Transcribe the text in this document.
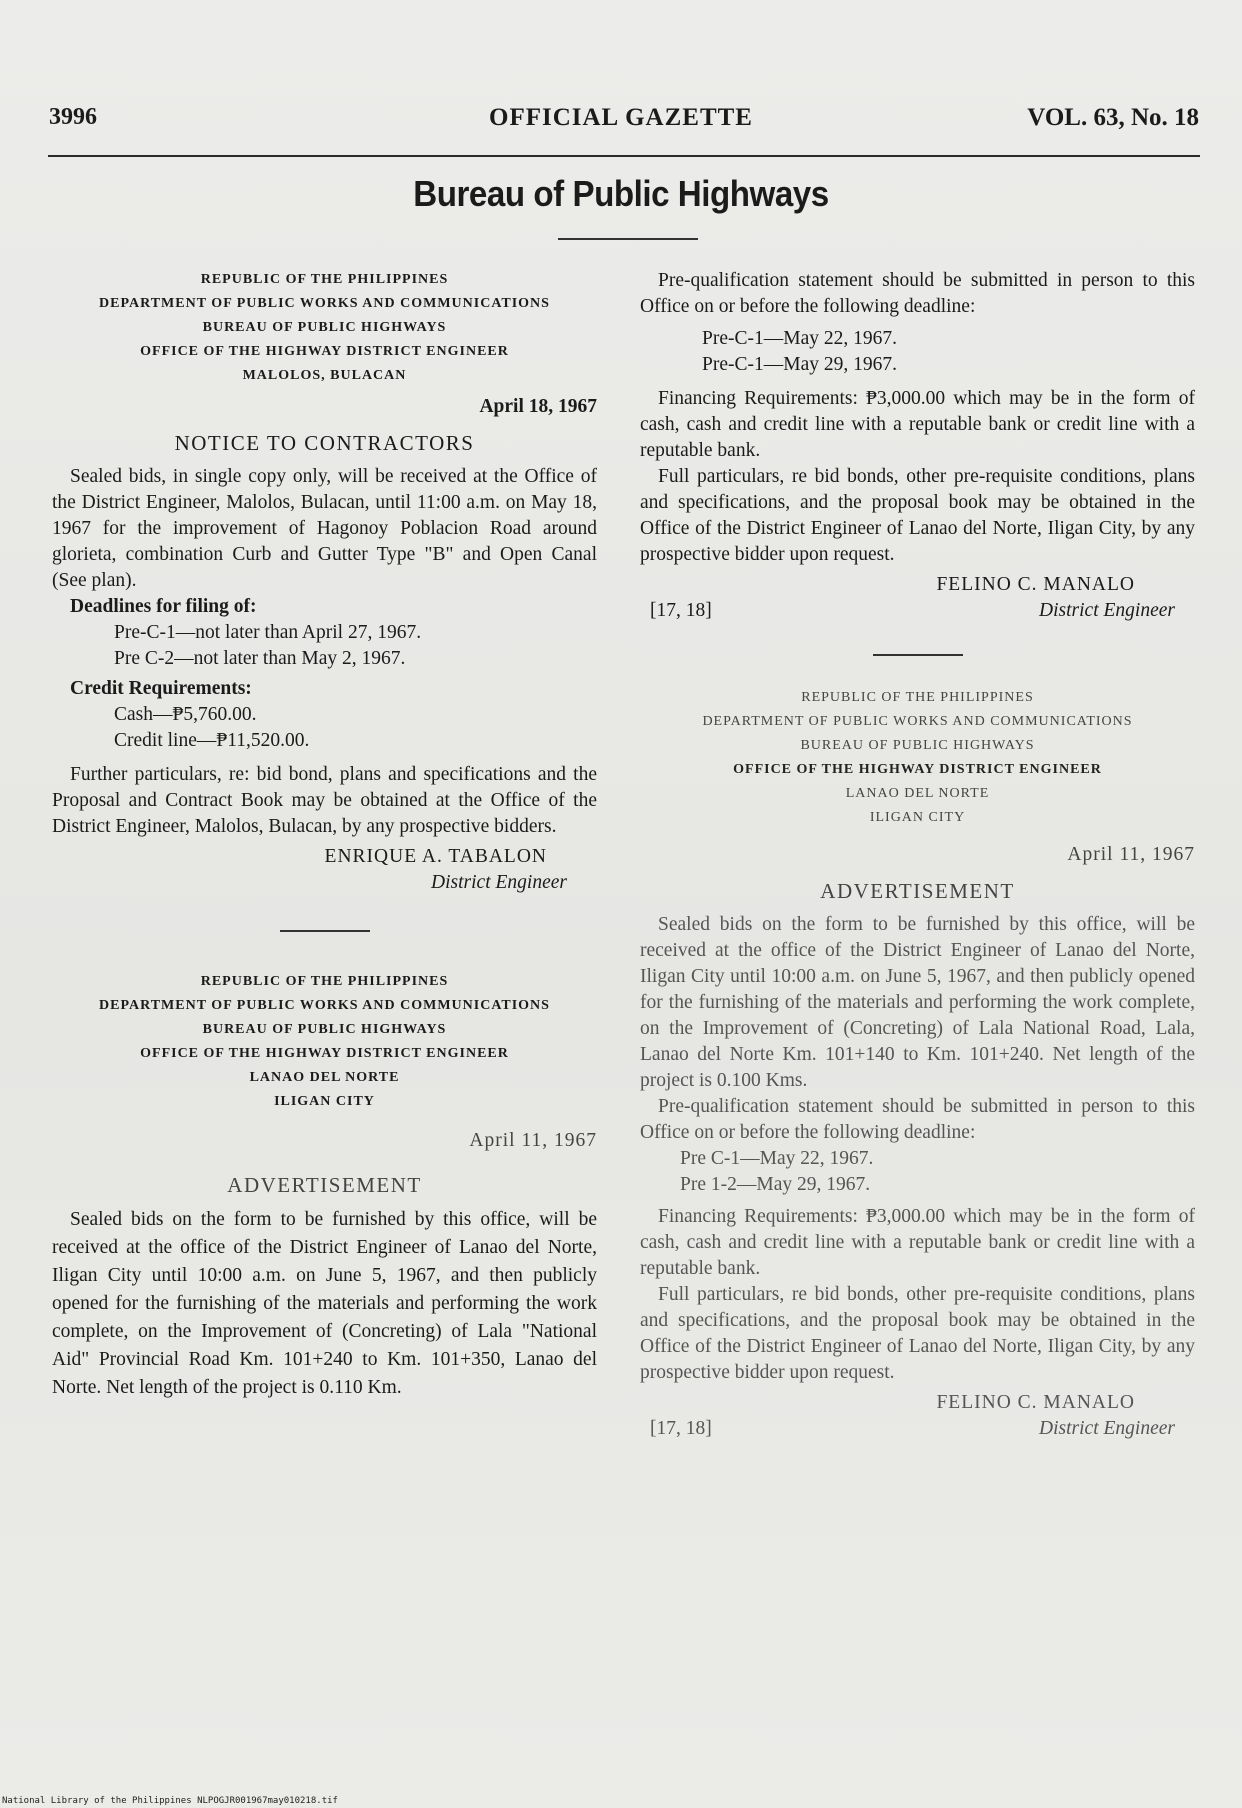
3996	OFFICIAL GAZETTE	VOL. 63, No. 18
Bureau of Public Highways
REPUBLIC OF THE PHILIPPINES
DEPARTMENT OF PUBLIC WORKS AND COMMUNICATIONS
BUREAU OF PUBLIC HIGHWAYS
OFFICE OF THE HIGHWAY DISTRICT ENGINEER
MALOLOS, BULACAN
April 18, 1967
NOTICE TO CONTRACTORS

Sealed bids, in single copy only, will be received at the Office of the District Engineer, Malolos, Bulacan, until 11:00 a.m. on May 18, 1967 for the improvement of Hagonoy Poblacion Road around glorieta, combination Curb and Gutter Type "B" and Open Canal (See plan).

Deadlines for filing of:
Pre-C-1—not later than April 27, 1967.
Pre C-2—not later than May 2, 1967.
Credit Requirements:
Cash—₱5,760.00.
Credit line—₱11,520.00.

Further particulars, re: bid bond, plans and specifications and the Proposal and Contract Book may be obtained at the Office of the District Engineer, Malolos, Bulacan, by any prospective bidders.

ENRIQUE A. TABALON
District Engineer
REPUBLIC OF THE PHILIPPINES
DEPARTMENT OF PUBLIC WORKS AND COMMUNICATIONS
BUREAU OF PUBLIC HIGHWAYS
OFFICE OF THE HIGHWAY DISTRICT ENGINEER
LANAO DEL NORTE
ILIGAN CITY
April 11, 1967
ADVERTISEMENT

Sealed bids on the form to be furnished by this office, will be received at the office of the District Engineer of Lanao del Norte, Iligan City until 10:00 a.m. on June 5, 1967, and then publicly opened for the furnishing of the materials and performing the work complete, on the Improvement of (Concreting) of Lala "National Aid" Provincial Road Km. 101+240 to Km. 101+350, Lanao del Norte. Net length of the project is 0.110 Km.

Pre-qualification statement should be submitted in person to this Office on or before the following deadline:

Pre-C-1—May 22, 1967.
Pre-C-1—May 29, 1967.

Financing Requirements: ₱3,000.00 which may be in the form of cash, cash and credit line with a reputable bank or credit line with a reputable bank.

Full particulars, re bid bonds, other pre-requisite conditions, plans and specifications, and the proposal book may be obtained in the Office of the District Engineer of Lanao del Norte, Iligan City, by any prospective bidder upon request.

FELINO C. MANALO
[17, 18]	District Engineer
REPUBLIC OF THE PHILIPPINES
DEPARTMENT OF PUBLIC WORKS AND COMMUNICATIONS
BUREAU OF PUBLIC HIGHWAYS
OFFICE OF THE HIGHWAY DISTRICT ENGINEER
LANAO DEL NORTE
ILIGAN CITY
April 11, 1967
ADVERTISEMENT

Sealed bids on the form to be furnished by this office, will be received at the office of the District Engineer of Lanao del Norte, Iligan City until 10:00 a.m. on June 5, 1967, and then publicly opened for the furnishing of the materials and performing the work complete, on the Improvement of (Concreting) of Lala National Road, Lala, Lanao del Norte Km. 101+140 to Km. 101+240. Net length of the project is 0.100 Kms.

Pre-qualification statement should be submitted in person to this Office on or before the following deadline:

Pre C-1—May 22, 1967.
Pre 1-2—May 29, 1967.

Financing Requirements: ₱3,000.00 which may be in the form of cash, cash and credit line with a reputable bank or credit line with a reputable bank.

Full particulars, re bid bonds, other pre-requisite conditions, plans and specifications, and the proposal book may be obtained in the Office of the District Engineer of Lanao del Norte, Iligan City, by any prospective bidder upon request.

FELINO C. MANALO
[17, 18]	District Engineer
National Library of the Philippines NLPOGJR001967may010218.tif
